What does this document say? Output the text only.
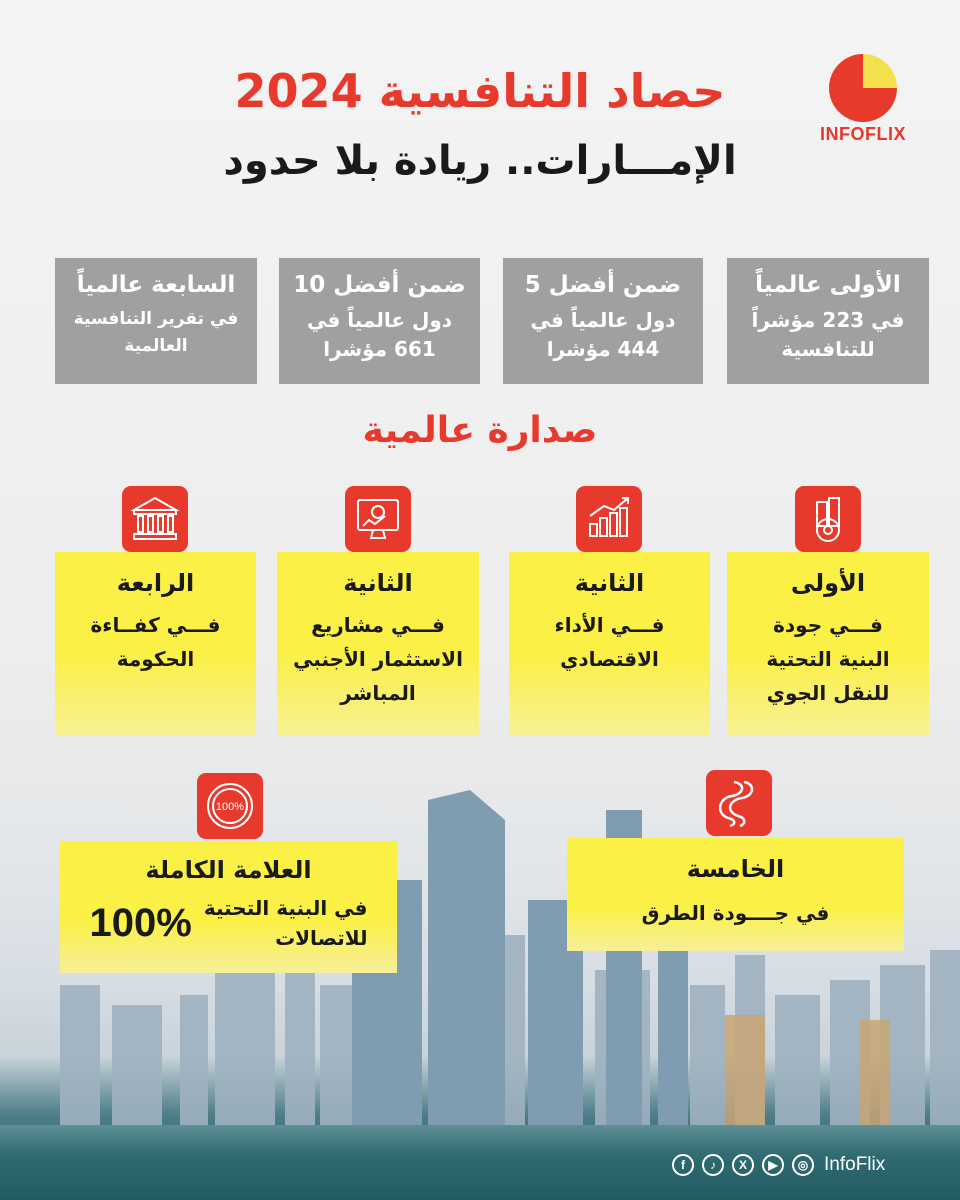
INFOFLIX
حصاد التنافسية 2024
الإمـــارات.. ريادة بلا حدود
الأولى عالمياً
في 223 مؤشراً
للتنافسية
ضمن أفضل 5
دول عالمياً في
444 مؤشرا
ضمن أفضل 10
دول عالمياً في
661 مؤشرا
السابعة عالمياً
في تقرير التنافسية
العالمية
صدارة عالمية
الأولى
فـــي جودة
البنية التحتية
للنقل الجوي
الثانية
فـــي الأداء
الاقتصادي
الثانية
فـــي مشاريع
الاستثمار الأجنبي
المباشر
الرابعة
فـــي كفــاءة
الحكومة
100%
الخامسة
في جــــودة الطرق
العلامة الكاملة
في البنية التحتية
للاتصالات
100%
f	♪	X	▶	◎ InfoFlix
